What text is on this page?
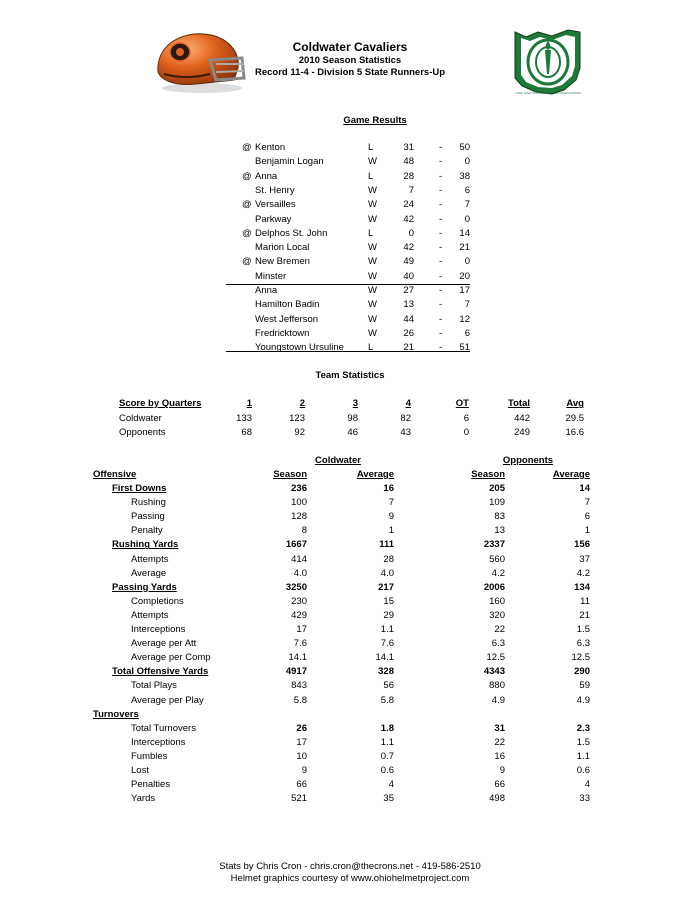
Coldwater Cavaliers
2010 Season Statistics
Record 11-4 - Division 5 State Runners-Up
OHIO HIGH SCHOOL ATHLETIC ASSOCIATION
Game Results
@ Kenton	L	31	-	50
Benjamin Logan	W	48	-	0
@ Anna	L	28	-	38
St. Henry	W	7	-	6
@ Versailles	W	24	-	7
Parkway	W	42	-	0
@ Delphos St. John	L	0	-	14
Marion Local	W	42	-	21
@ New Bremen	W	49	-	0
Minster	W	40	-	20
Anna	W	27	-	17
Hamilton Badin	W	13	-	7
West Jefferson	W	44	-	12
Fredricktown	W	26	-	6
Youngstown Ursuline	L	21	-	51
Team Statistics
Score by Quarters	1	2	3	4	OT	Total	Avg
Coldwater	133	123	98	82	6	442	29.5
Opponents	68	92	46	43	0	249	16.6
Coldwater	Opponents
Offensive	Season	Average	Season	Average
First Downs	236	16	205	14
Rushing	100	7	109	7
Passing	128	9	83	6
Penalty	8	1	13	1
Rushing Yards	1667	111	2337	156
Attempts	414	28	560	37
Average	4.0	4.0	4.2	4.2
Passing Yards	3250	217	2006	134
Completions	230	15	160	11
Attempts	429	29	320	21
Interceptions	17	1.1	22	1.5
Average per Att	7.6	7.6	6.3	6.3
Average per Comp	14.1	14.1	12.5	12.5
Total Offensive Yards	4917	328	4343	290
Total Plays	843	56	880	59
Average per Play	5.8	5.8	4.9	4.9
Turnovers
Total Turnovers	26	1.8	31	2.3
Interceptions	17	1.1	22	1.5
Fumbles	10	0.7	16	1.1
Lost	9	0.6	9	0.6
Penalties	66	4	66	4
Yards	521	35	498	33
Stats by Chris Cron - chris.cron@thecrons.net - 419-586-2510
Helmet graphics courtesy of www.ohiohelmetproject.com
